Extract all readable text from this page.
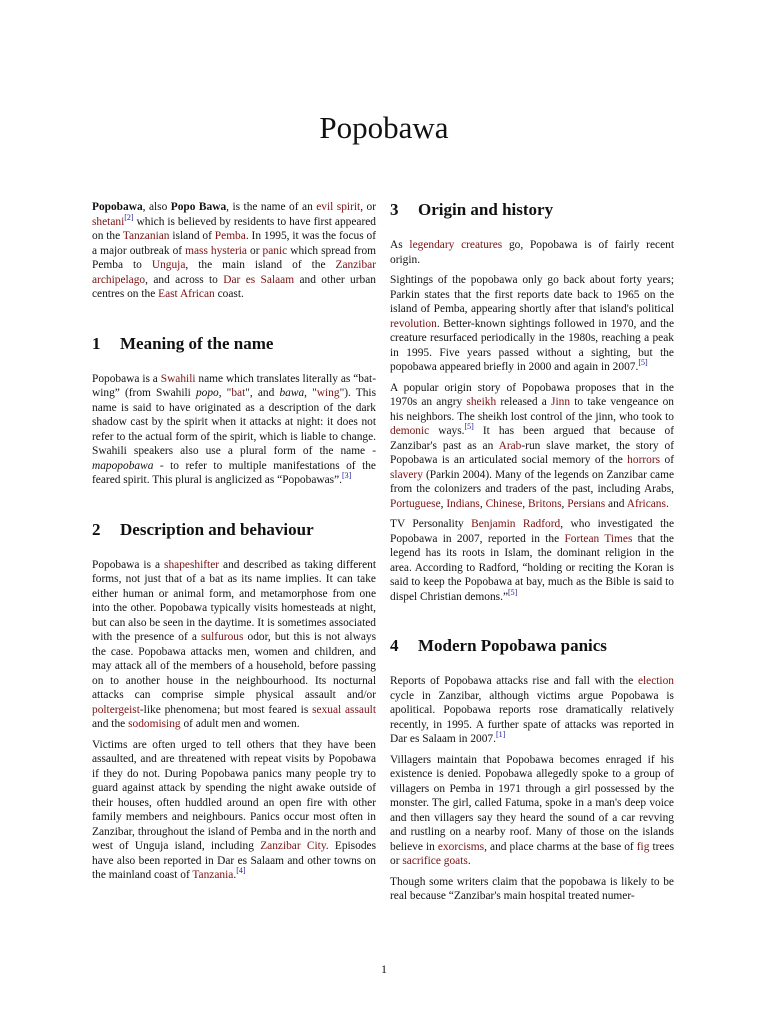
Popobawa

Popobawa, also Popo Bawa, is the name of an evil spirit, or shetani[2] which is believed by residents to have first appeared on the Tanzanian island of Pemba. In 1995, it was the focus of a major outbreak of mass hysteria or panic which spread from Pemba to Unguja, the main island of the Zanzibar archipelago, and across to Dar es Salaam and other urban centres on the East African coast.

1 Meaning of the name

Popobawa is a Swahili name which translates literally as “bat-wing” (from Swahili popo, "bat", and bawa, "wing"). This name is said to have originated as a description of the dark shadow cast by the spirit when it attacks at night: it does not refer to the actual form of the spirit, which is liable to change. Swahili speakers also use a plural form of the name - mapopobawa - to refer to multiple manifestations of the feared spirit. This plural is anglicized as “Popobawas”.[3]

2 Description and behaviour

Popobawa is a shapeshifter and described as taking different forms, not just that of a bat as its name implies. It can take either human or animal form, and metamorphose from one into the other. Popobawa typically visits homesteads at night, but can also be seen in the daytime. It is sometimes associated with the presence of a sulfurous odor, but this is not always the case. Popobawa attacks men, women and children, and may attack all of the members of a household, before passing on to another house in the neighbourhood. Its nocturnal attacks can comprise simple physical assault and/or poltergeist-like phenomena; but most feared is sexual assault and the sodomising of adult men and women.

Victims are often urged to tell others that they have been assaulted, and are threatened with repeat visits by Popobawa if they do not. During Popobawa panics many people try to guard against attack by spending the night awake outside of their houses, often huddled around an open fire with other family members and neighbours. Panics occur most often in Zanzibar, throughout the island of Pemba and in the north and west of Unguja island, including Zanzibar City. Episodes have also been reported in Dar es Salaam and other towns on the mainland coast of Tanzania.[4]

3 Origin and history

As legendary creatures go, Popobawa is of fairly recent origin.

Sightings of the popobawa only go back about forty years; Parkin states that the first reports date back to 1965 on the island of Pemba, appearing shortly after that island's political revolution. Better-known sightings followed in 1970, and the creature resurfaced periodically in the 1980s, reaching a peak in 1995. Five years passed without a sighting, but the popobawa appeared briefly in 2000 and again in 2007.[5]

A popular origin story of Popobawa proposes that in the 1970s an angry sheikh released a Jinn to take vengeance on his neighbors. The sheikh lost control of the jinn, who took to demonic ways.[5] It has been argued that because of Zanzibar's past as an Arab-run slave market, the story of Popobawa is an articulated social memory of the horrors of slavery (Parkin 2004). Many of the legends on Zanzibar came from the colonizers and traders of the past, including Arabs, Portuguese, Indians, Chinese, Britons, Persians and Africans.

TV Personality Benjamin Radford, who investigated the Popobawa in 2007, reported in the Fortean Times that the legend has its roots in Islam, the dominant religion in the area. According to Radford, “holding or reciting the Koran is said to keep the Popobawa at bay, much as the Bible is said to dispel Christian demons.”[5]

4 Modern Popobawa panics

Reports of Popobawa attacks rise and fall with the election cycle in Zanzibar, although victims argue Popobawa is apolitical. Popobawa reports rose dramatically relatively recently, in 1995. A further spate of attacks was reported in Dar es Salaam in 2007.[1]

Villagers maintain that Popobawa becomes enraged if his existence is denied. Popobawa allegedly spoke to a group of villagers on Pemba in 1971 through a girl possessed by the monster. The girl, called Fatuma, spoke in a man's deep voice and then villagers say they heard the sound of a car revving and rustling on a nearby roof. Many of those on the islands believe in exorcisms, and place charms at the base of fig trees or sacrifice goats.

Though some writers claim that the popobawa is likely to be real because “Zanzibar's main hospital treated numer-

1
